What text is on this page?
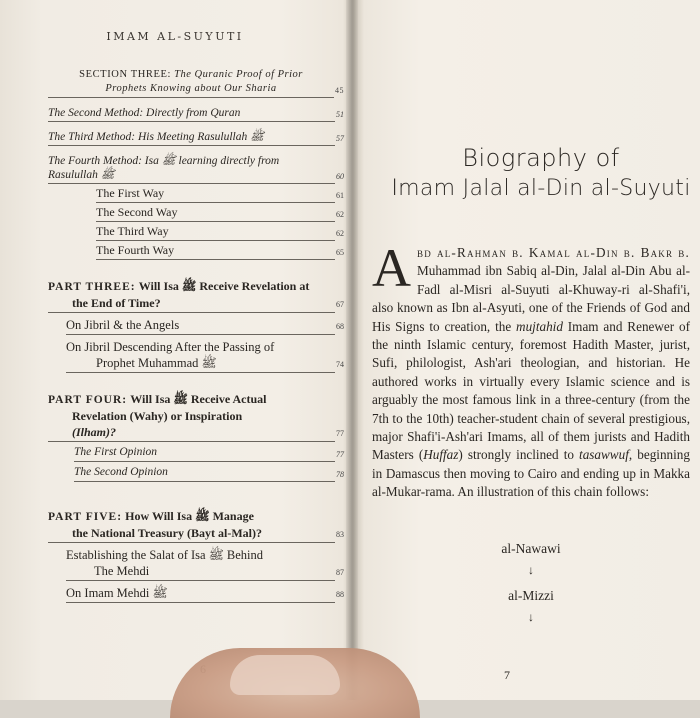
IMAM AL-SUYUTI
SECTION THREE: The Quranic Proof of Prior
Prophets Knowing about Our Sharia	45
The Second Method: Directly from Quran	51
The Third Method: His Meeting Rasulullah ﷺ	57
The Fourth Method: Isa ﷺ learning directly from
Rasulullah ﷺ	60
The First Way	61
The Second Way	62
The Third Way	62
The Fourth Way	65
PART THREE: Will Isa ﷺ Receive Revelation at

the End of Time?	67
On Jibril & the Angels	68
On Jibril Descending After the Passing of

Prophet Muhammad ﷺ	74
PART FOUR: Will Isa ﷺ Receive Actual

Revelation (Wahy) or Inspiration
(Ilham)?	77
The First Opinion	77
The Second Opinion	78
PART FIVE: How Will Isa ﷺ Manage

the National Treasury (Bayt al-Mal)?	83
Establishing the Salat of Isa ﷺ Behind

The Mehdi	87
On Imam Mehdi ﷺ	88
Biography of
Imam Jalal al-Din al-Suyuti
A bd al-Rahman b. Kamal al-Din b. Bakr b. Muhammad ibn Sabiq al-Din, Jalal al-Din Abu al-Fadl al-Misri al-Suyuti al-Khuway-ri al-Shafi'i, also known as Ibn al-Asyuti, one of the Friends of God and His Signs to creation, the mujtahid Imam and Renewer of the ninth Islamic century, foremost Hadith Master, jurist, Sufi, philologist, Ash'ari theologian, and historian. He authored works in virtually every Islamic science and is arguably the most famous link in a three-century (from the 7th to the 10th) teacher-student chain of several prestigious, major Shafi'i-Ash'ari Imams, all of them jurists and Hadith Masters (Huffaz) strongly inclined to tasawwuf, beginning in Damascus then moving to Cairo and ending up in Makka al-Mukar-rama. An illustration of this chain follows:
al-Nawawi
↓
al-Mizzi
↓
7
